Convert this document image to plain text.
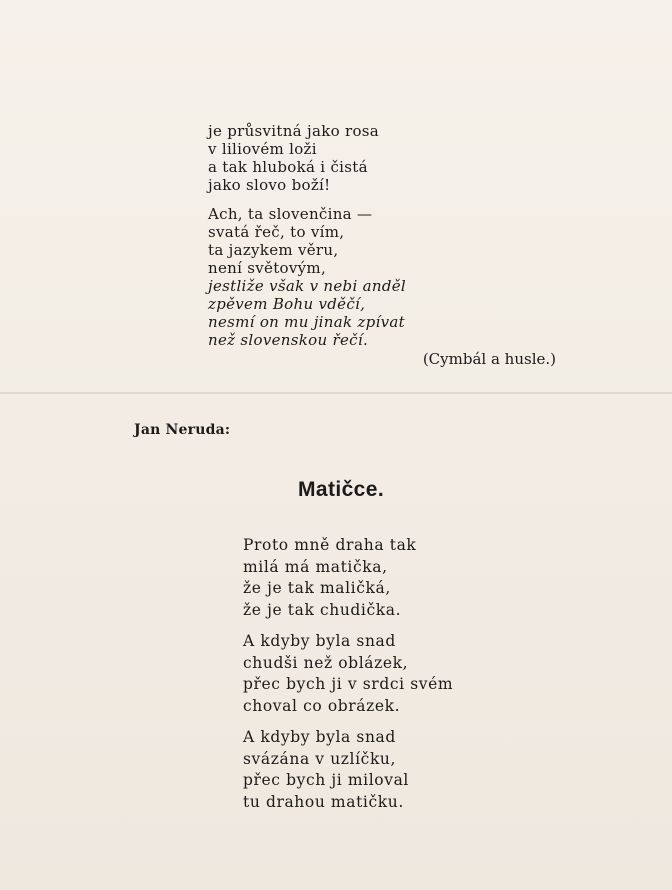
je průsvitná jako rosa
v liliovém loži
a tak hluboká i čistá
jako slovo boží!
Ach, ta slovenčina —
svatá řeč, to vím,
ta jazykem věru,
není světovým,
jestliže však v nebi anděl
zpěvem Bohu vděčí,
nesmí on mu jinak zpívat
než slovenskou řečí.
(Cymbál a husle.)
Jan Neruda:
Matičce.
Proto mně draha tak
milá má matička,
že je tak maličká,
že je tak chudička.
A kdyby byla snad
chudši než oblázek,
přec bych ji v srdci svém
choval co obrázek.
A kdyby byla snad
svázána v uzlíčku,
přec bych ji miloval
tu drahou matičku.
